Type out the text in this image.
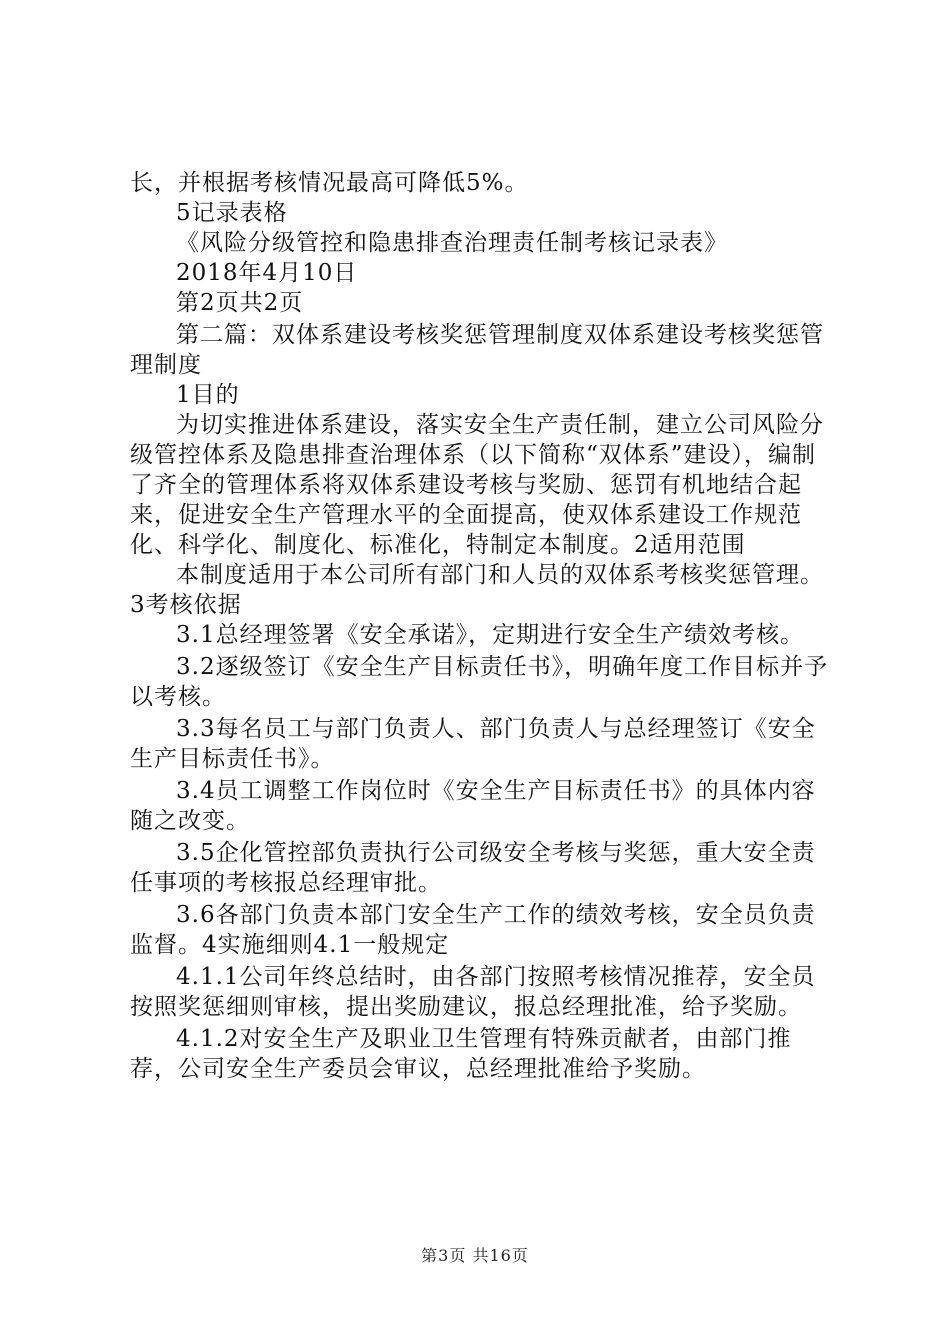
长，并根据考核情况最高可降低5%。

5记录表格

《风险分级管控和隐患排查治理责任制考核记录表》

2018年4月10日

第2页共2页

第二篇：双体系建设考核奖惩管理制度双体系建设考核奖惩管理制度

1目的

为切实推进体系建设，落实安全生产责任制，建立公司风险分级管控体系及隐患排查治理体系（以下简称“双体系”建设），编制了齐全的管理体系将双体系建设考核与奖励、惩罚有机地结合起来，促进安全生产管理水平的全面提高，使双体系建设工作规范化、科学化、制度化、标准化，特制定本制度。2适用范围

本制度适用于本公司所有部门和人员的双体系考核奖惩管理。3考核依据

3.1总经理签署《安全承诺》，定期进行安全生产绩效考核。

3.2逐级签订《安全生产目标责任书》，明确年度工作目标并予以考核。

3.3每名员工与部门负责人、部门负责人与总经理签订《安全生产目标责任书》。

3.4员工调整工作岗位时《安全生产目标责任书》的具体内容随之改变。

3.5企化管控部负责执行公司级安全考核与奖惩，重大安全责任事项的考核报总经理审批。

3.6各部门负责本部门安全生产工作的绩效考核，安全员负责监督。4实施细则4.1一般规定

4.1.1公司年终总结时，由各部门按照考核情况推荐，安全员按照奖惩细则审核，提出奖励建议，报总经理批准，给予奖励。

4.1.2对安全生产及职业卫生管理有特殊贡献者，由部门推荐，公司安全生产委员会审议，总经理批准给予奖励。

第3页 共16页
